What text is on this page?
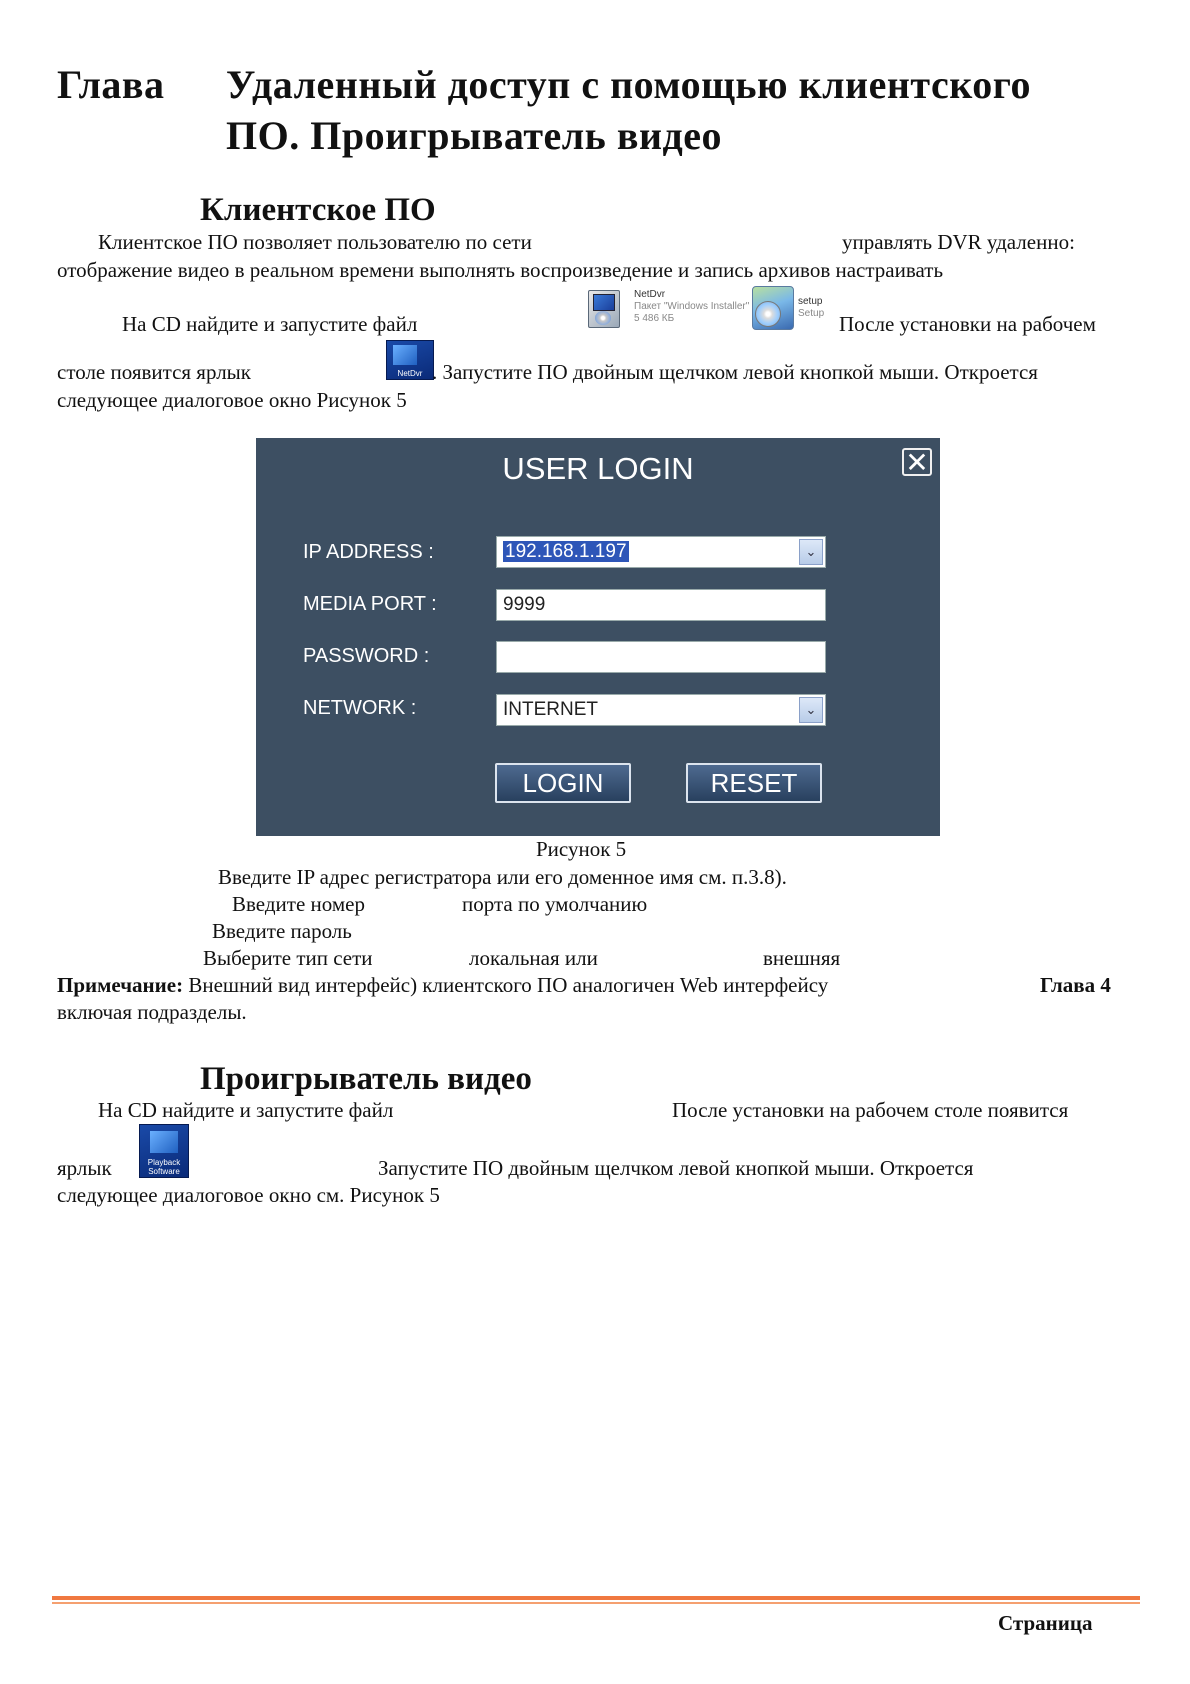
Глава Удаленный доступ с помощью клиентского
ПО. Проигрыватель видео
Клиентское ПО
Клиентское ПО позволяет пользователю по сети	управлять DVR удаленно:
отображение видео в реальном времени выполнять воспроизведение и запись архивов настраивать
На CD найдите и запустите файл
NetDvr
Пакет "Windows Installer"
5 486 КБ
setup
Setup После установки на рабочем
столе появится ярлык	NetDvr . Запустите ПО двойным щелчком левой кнопкой мыши. Откроется
следующее диалоговое окно Рисунок 5
USER LOGIN	✕
IP ADDRESS :	192.168.1.197	⌄
MEDIA PORT :	9999
PASSWORD :
NETWORK :	INTERNET	⌄
LOGIN	RESET
Рисунок 5
Введите IP адрес регистратора или его доменное имя см. п.3.8).
Введите номер	порта по умолчанию
Введите пароль
Выберите тип сети	локальная или	внешняя
Примечание: Внешний вид интерфейс) клиентского ПО аналогичен Web интерфейсу	Глава 4
включая подразделы.
Проигрыватель видео
На CD найдите и запустите файл	После установки на рабочем столе появится
ярлык	Playback Software	Запустите ПО двойным щелчком левой кнопкой мыши. Откроется
следующее диалоговое окно см. Рисунок 5
Страница
